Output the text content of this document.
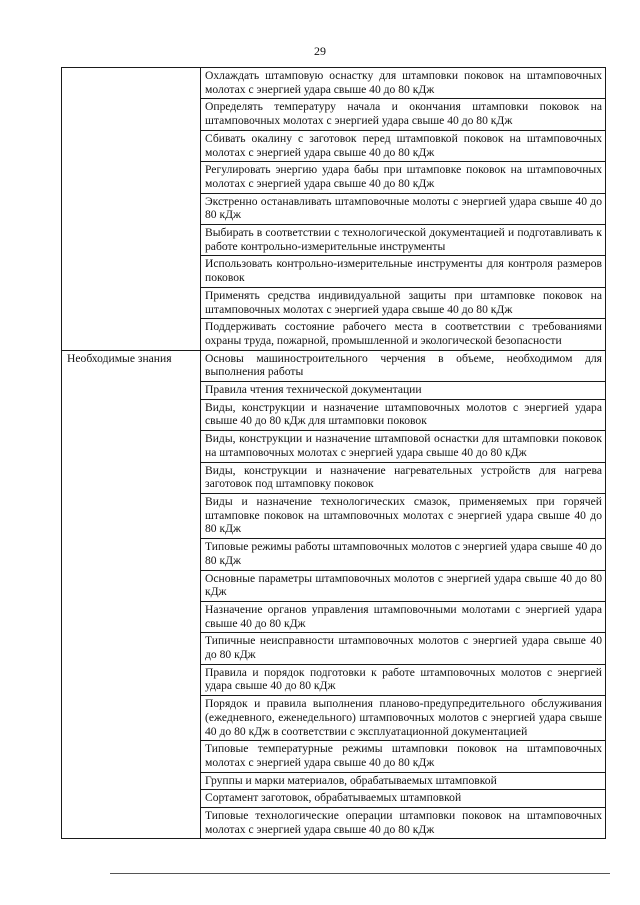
29
	Охлаждать штамповую оснастку для штамповки поковок на штамповочных молотах с энергией удара свыше 40 до 80 кДж
	Определять температуру начала и окончания штамповки поковок на штамповочных молотах с энергией удара свыше 40 до 80 кДж
	Сбивать окалину с заготовок перед штамповкой поковок на штамповочных молотах с энергией удара свыше 40 до 80 кДж
	Регулировать энергию удара бабы при штамповке поковок на штамповочных молотах с энергией удара свыше 40 до 80 кДж
	Экстренно останавливать штамповочные молоты с энергией удара свыше 40 до 80 кДж
	Выбирать в соответствии с технологической документацией и подготавливать к работе контрольно-измерительные инструменты
	Использовать контрольно-измерительные инструменты для контроля размеров поковок
	Применять средства индивидуальной защиты при штамповке поковок на штамповочных молотах с энергией удара свыше 40 до 80 кДж
	Поддерживать состояние рабочего места в соответствии с требованиями охраны труда, пожарной, промышленной и экологической безопасности
Необходимые знания	Основы машиностроительного черчения в объеме, необходимом для выполнения работы
	Правила чтения технической документации
	Виды, конструкции и назначение штамповочных молотов с энергией удара свыше 40 до 80 кДж для штамповки поковок
	Виды, конструкции и назначение штамповой оснастки для штамповки поковок на штамповочных молотах с энергией удара свыше 40 до 80 кДж
	Виды, конструкции и назначение нагревательных устройств для нагрева заготовок под штамповку поковок
	Виды и назначение технологических смазок, применяемых при горячей штамповке поковок на штамповочных молотах с энергией удара свыше 40 до 80 кДж
	Типовые режимы работы штамповочных молотов с энергией удара свыше 40 до 80 кДж
	Основные параметры штамповочных молотов с энергией удара свыше 40 до 80 кДж
	Назначение органов управления штамповочными молотами с энергией удара свыше 40 до 80 кДж
	Типичные неисправности штамповочных молотов с энергией удара свыше 40 до 80 кДж
	Правила и порядок подготовки к работе штамповочных молотов с энергией удара свыше 40 до 80 кДж
	Порядок и правила выполнения планово-предупредительного обслуживания (ежедневного, еженедельного) штамповочных молотов с энергией удара свыше 40 до 80 кДж в соответствии с эксплуатационной документацией
	Типовые температурные режимы штамповки поковок на штамповочных молотах с энергией удара свыше 40 до 80 кДж
	Группы и марки материалов, обрабатываемых штамповкой
	Сортамент заготовок, обрабатываемых штамповкой
	Типовые технологические операции штамповки поковок на штамповочных молотах с энергией удара свыше 40 до 80 кДж
